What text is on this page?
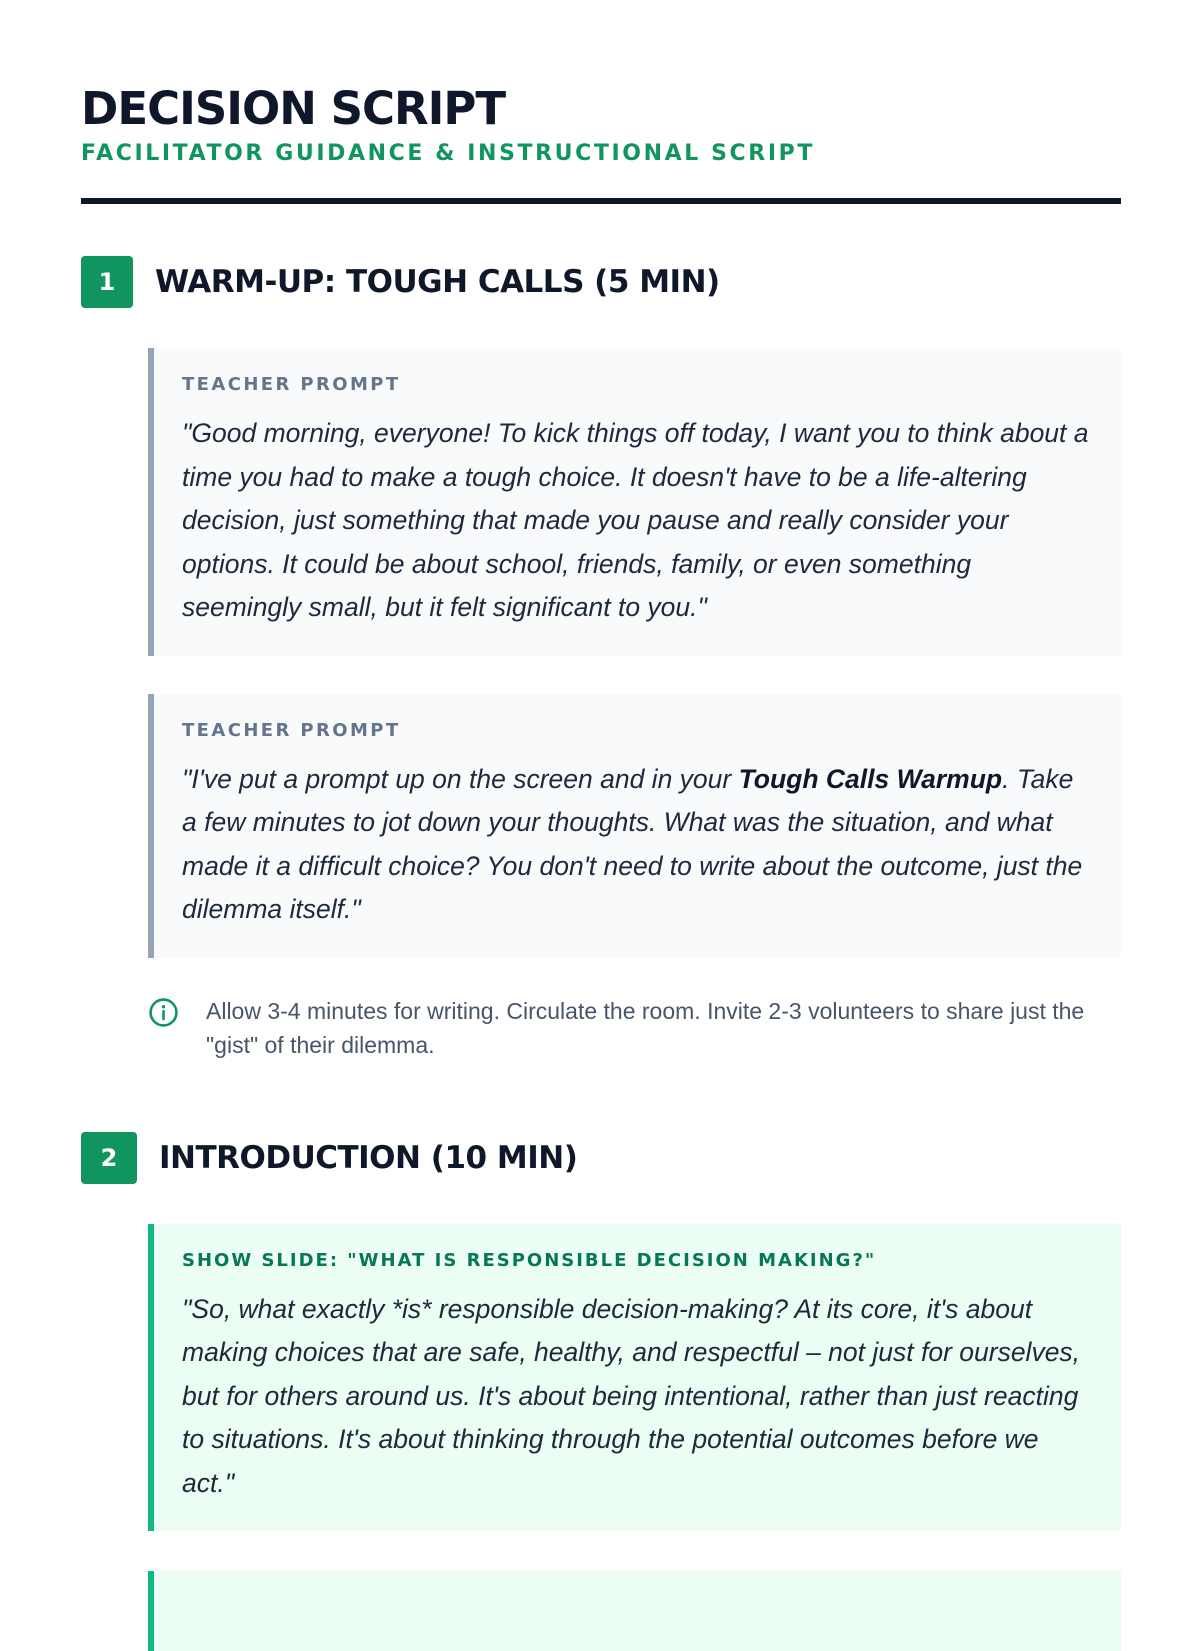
DECISION SCRIPT
FACILITATOR GUIDANCE & INSTRUCTIONAL SCRIPT
1	WARM-UP: TOUGH CALLS (5 MIN)
TEACHER PROMPT
"Good morning, everyone! To kick things off today, I want you to think about a time you had to make a tough choice. It doesn't have to be a life-altering decision, just something that made you pause and really consider your options. It could be about school, friends, family, or even something seemingly small, but it felt significant to you."
TEACHER PROMPT
"I've put a prompt up on the screen and in your Tough Calls Warmup. Take a few minutes to jot down your thoughts. What was the situation, and what made it a difficult choice? You don't need to write about the outcome, just the dilemma itself."
Allow 3-4 minutes for writing. Circulate the room. Invite 2-3 volunteers to share just the "gist" of their dilemma.
2	INTRODUCTION (10 MIN)
SHOW SLIDE: "WHAT IS RESPONSIBLE DECISION MAKING?"
"So, what exactly *is* responsible decision-making? At its core, it's about making choices that are safe, healthy, and respectful – not just for ourselves, but for others around us. It's about being intentional, rather than just reacting to situations. It's about thinking through the potential outcomes before we act."
